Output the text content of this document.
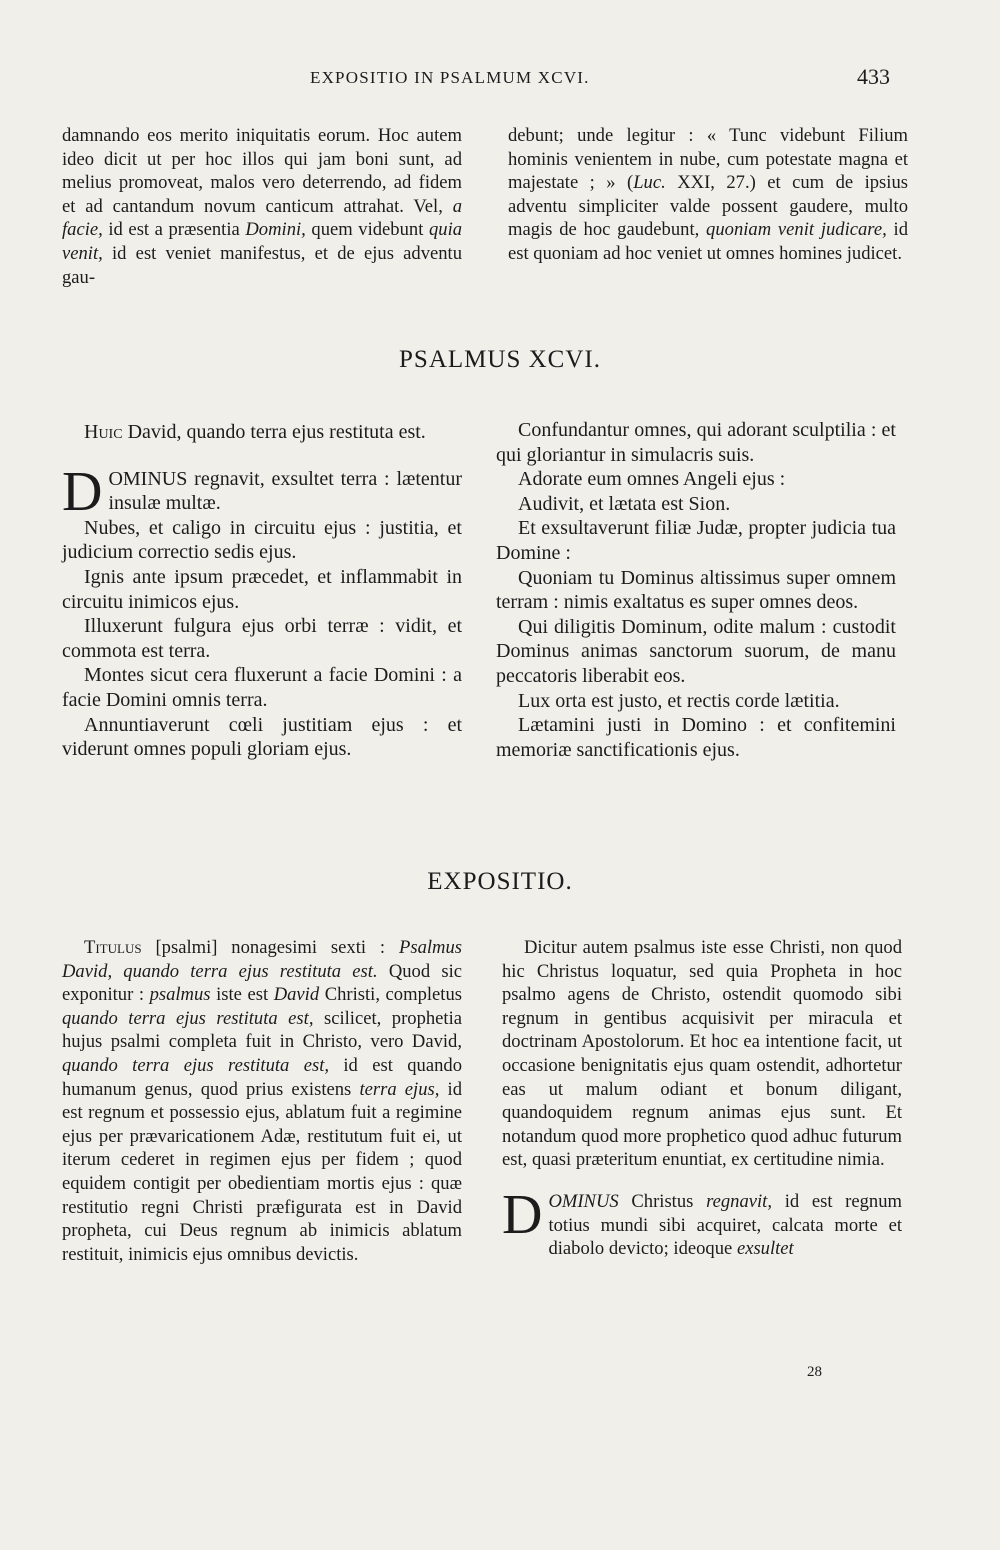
EXPOSITIO IN PSALMUM XCVI.	433

damnando eos merito iniquitatis eorum. Hoc autem ideo dicit ut per hoc illos qui jam boni sunt, ad melius promoveat, malos vero deterrendo, ad fidem et ad cantandum novum canticum attrahat. Vel, a facie, id est a præsentia Domini, quem videbunt quia venit, id est veniet manifestus, et de ejus adventu gau-

debunt; unde legitur : « Tunc videbunt Filium hominis venientem in nube, cum potestate magna et majestate ; » (Luc. XXI, 27.) et cum de ipsius adventu simpliciter valde possent gaudere, multo magis de hoc gaudebunt, quoniam venit judicare, id est quoniam ad hoc veniet ut omnes homines judicet.

PSALMUS XCVI.

Huic David, quando terra ejus restituta est.

DOMINUS regnavit, exsultet terra : lætentur insulæ multæ.

Nubes, et caligo in circuitu ejus : justitia, et judicium correctio sedis ejus.

Ignis ante ipsum præcedet, et inflammabit in circuitu inimicos ejus.

Illuxerunt fulgura ejus orbi terræ : vidit, et commota est terra.

Montes sicut cera fluxerunt a facie Domini : a facie Domini omnis terra.

Annuntiaverunt cœli justitiam ejus : et viderunt omnes populi gloriam ejus.

Confundantur omnes, qui adorant sculptilia : et qui gloriantur in simulacris suis.

Adorate eum omnes Angeli ejus :

Audivit, et lætata est Sion.

Et exsultaverunt filiæ Judæ, propter judicia tua Domine :

Quoniam tu Dominus altissimus super omnem terram : nimis exaltatus es super omnes deos.

Qui diligitis Dominum, odite malum : custodit Dominus animas sanctorum suorum, de manu peccatoris liberabit eos.

Lux orta est justo, et rectis corde lætitia.

Lætamini justi in Domino : et confitemini memoriæ sanctificationis ejus.

EXPOSITIO.

Titulus [psalmi] nonagesimi sexti : Psalmus David, quando terra ejus restituta est. Quod sic exponitur : psalmus iste est David Christi, completus quando terra ejus restituta est, scilicet, prophetia hujus psalmi completa fuit in Christo, vero David, quando terra ejus restituta est, id est quando humanum genus, quod prius existens terra ejus, id est regnum et possessio ejus, ablatum fuit a regimine ejus per prævaricationem Adæ, restitutum fuit ei, ut iterum cederet in regimen ejus per fidem ; quod equidem contigit per obedientiam mortis ejus : quæ restitutio regni Christi præfigurata est in David propheta, cui Deus regnum ab inimicis ablatum restituit, inimicis ejus omnibus devictis.

Dicitur autem psalmus iste esse Christi, non quod hic Christus loquatur, sed quia Propheta in hoc psalmo agens de Christo, ostendit quomodo sibi regnum in gentibus acquisivit per miracula et doctrinam Apostolorum. Et hoc ea intentione facit, ut occasione benignitatis ejus quam ostendit, adhortetur eas ut malum odiant et bonum diligant, quandoquidem regnum animas ejus sunt. Et notandum quod more prophetico quod adhuc futurum est, quasi præteritum enuntiat, ex certitudine nimia.

DOMINUS Christus regnavit, id est regnum totius mundi sibi acquiret, calcata morte et diabolo devicto; ideoque exsultet

28
